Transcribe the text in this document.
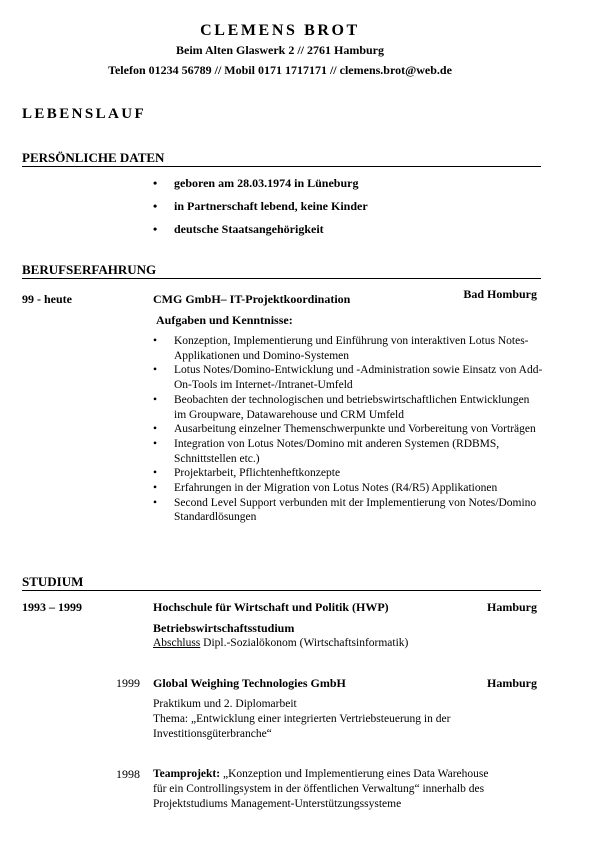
CLEMENS BROT
Beim Alten Glaswerk 2 // 2761 Hamburg
Telefon 01234 56789 // Mobil 0171 1717171 // clemens.brot@web.de
LEBENSLAUF
PERSÖNLICHE DATEN
• geboren am 28.03.1974 in Lüneburg
• in Partnerschaft lebend, keine Kinder
• deutsche Staatsangehörigkeit
BERUFSERFAHRUNG
99 - heute	CMG GmbH– IT-Projektkoordination	Bad Homburg
Aufgaben und Kenntnisse:
• Konzeption, Implementierung und Einführung von interaktiven Lotus Notes-Applikationen und Domino-Systemen
• Lotus Notes/Domino-Entwicklung und -Administration sowie Einsatz von Add-On-Tools im Internet-/Intranet-Umfeld
• Beobachten der technologischen und betriebswirtschaftlichen Entwicklungen im Groupware, Datawarehouse und CRM Umfeld
• Ausarbeitung einzelner Themenschwerpunkte und Vorbereitung von Vorträgen
• Integration von Lotus Notes/Domino mit anderen Systemen (RDBMS, Schnittstellen etc.)
• Projektarbeit, Pflichtenheftkonzepte
• Erfahrungen in der Migration von Lotus Notes (R4/R5) Applikationen
• Second Level Support verbunden mit der Implementierung von Notes/Domino Standardlösungen
STUDIUM
1993 – 1999	Hochschule für Wirtschaft und Politik (HWP)	Hamburg
Betriebswirtschaftsstudium
Abschluss Dipl.-Sozialökonom (Wirtschaftsinformatik)
1999 Global Weighing Technologies GmbH	Hamburg
Praktikum und 2. Diplomarbeit
Thema: „Entwicklung einer integrierten Vertriebsteuerung in der
Investitionsgüterbranche“
1998 Teamprojekt: „Konzeption und Implementierung eines Data Warehouse
für ein Controllingsystem in der öffentlichen Verwaltung“ innerhalb des
Projektstudiums Management-Unterstützungssysteme
